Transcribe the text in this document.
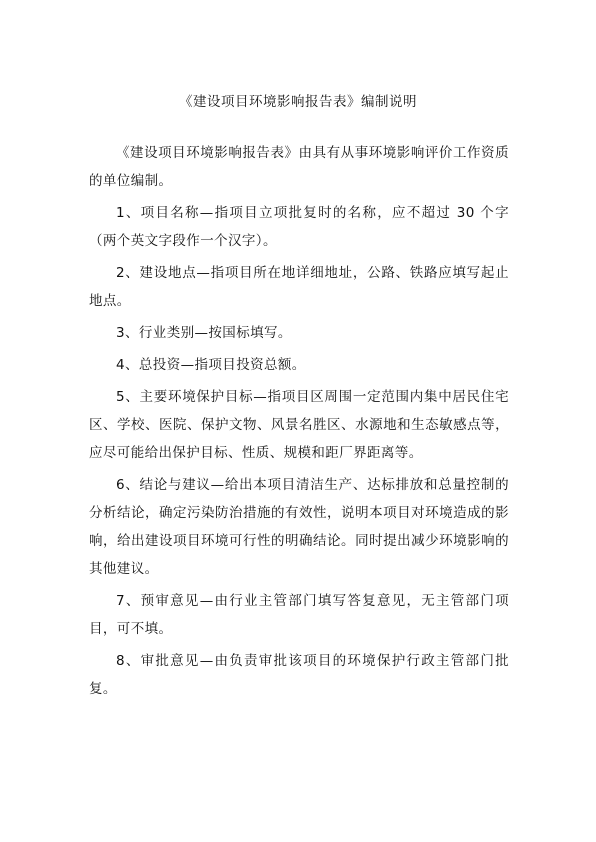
《建设项目环境影响报告表》编制说明

《建设项目环境影响报告表》由具有从事环境影响评价工作资质的单位编制。

1、项目名称—指项目立项批复时的名称，应不超过 30 个字（两个英文字段作一个汉字）。

2、建设地点—指项目所在地详细地址，公路、铁路应填写起止地点。

3、行业类别—按国标填写。

4、总投资—指项目投资总额。

5、主要环境保护目标—指项目区周围一定范围内集中居民住宅区、学校、医院、保护文物、风景名胜区、水源地和生态敏感点等，应尽可能给出保护目标、性质、规模和距厂界距离等。

6、结论与建议—给出本项目清洁生产、达标排放和总量控制的分析结论，确定污染防治措施的有效性，说明本项目对环境造成的影响，给出建设项目环境可行性的明确结论。同时提出减少环境影响的其他建议。

7、预审意见—由行业主管部门填写答复意见，无主管部门项目，可不填。

8、审批意见—由负责审批该项目的环境保护行政主管部门批复。
